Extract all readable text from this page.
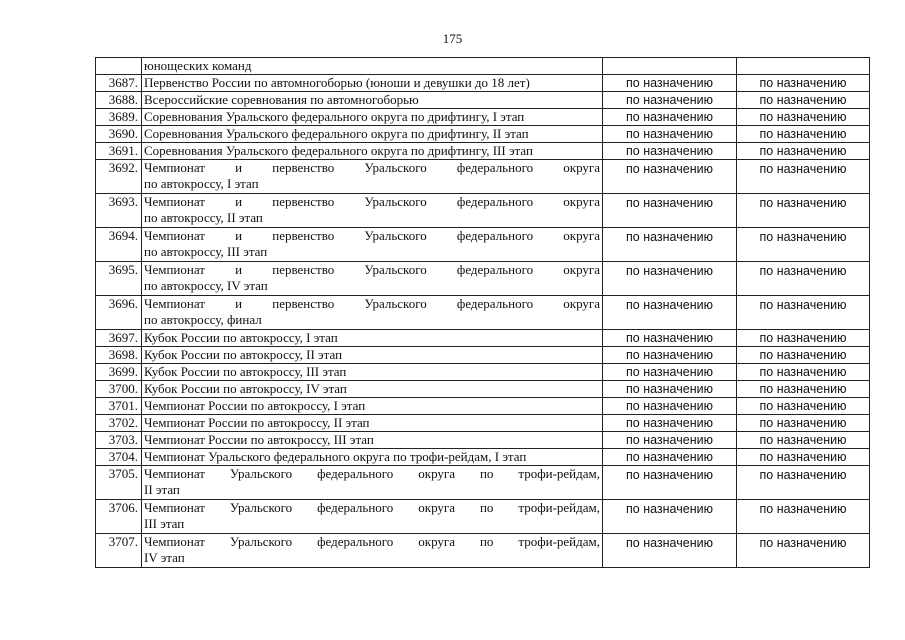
175
	юнощеских команд		
3687.	Первенство России по автомногоборью (юноши и девушки до 18 лет)	по назначению	по назначению
3688.	Всероссийские соревнования по автомногоборью	по назначению	по назначению
3689.	Соревнования Уральского федерального округа по дрифтингу, I этап	по назначению	по назначению
3690.	Соревнования Уральского федерального округа по дрифтингу, II этап	по назначению	по назначению
3691.	Соревнования Уральского федерального округа по дрифтингу, III этап	по назначению	по назначению
3692.	Чемпионат и первенство Уральского федерального округа
по автокроссу, I этап	по назначению	по назначению
3693.	Чемпионат и первенство Уральского федерального округа
по автокроссу, II этап	по назначению	по назначению
3694.	Чемпионат и первенство Уральского федерального округа
по автокроссу, III этап	по назначению	по назначению
3695.	Чемпионат и первенство Уральского федерального округа
по автокроссу, IV этап	по назначению	по назначению
3696.	Чемпионат и первенство Уральского федерального округа
по автокроссу, финал	по назначению	по назначению
3697.	Кубок России по автокроссу, I этап	по назначению	по назначению
3698.	Кубок России по автокроссу, II этап	по назначению	по назначению
3699.	Кубок России по автокроссу, III этап	по назначению	по назначению
3700.	Кубок России по автокроссу, IV этап	по назначению	по назначению
3701.	Чемпионат России по автокроссу, I этап	по назначению	по назначению
3702.	Чемпионат России по автокроссу, II этап	по назначению	по назначению
3703.	Чемпионат России по автокроссу, III этап	по назначению	по назначению
3704.	Чемпионат Уральского федерального округа по трофи-рейдам, I этап	по назначению	по назначению
3705.	Чемпионат Уральского федерального округа по трофи-рейдам,
II этап	по назначению	по назначению
3706.	Чемпионат Уральского федерального округа по трофи-рейдам,
III этап	по назначению	по назначению
3707.	Чемпионат Уральского федерального округа по трофи-рейдам,
IV этап	по назначению	по назначению
